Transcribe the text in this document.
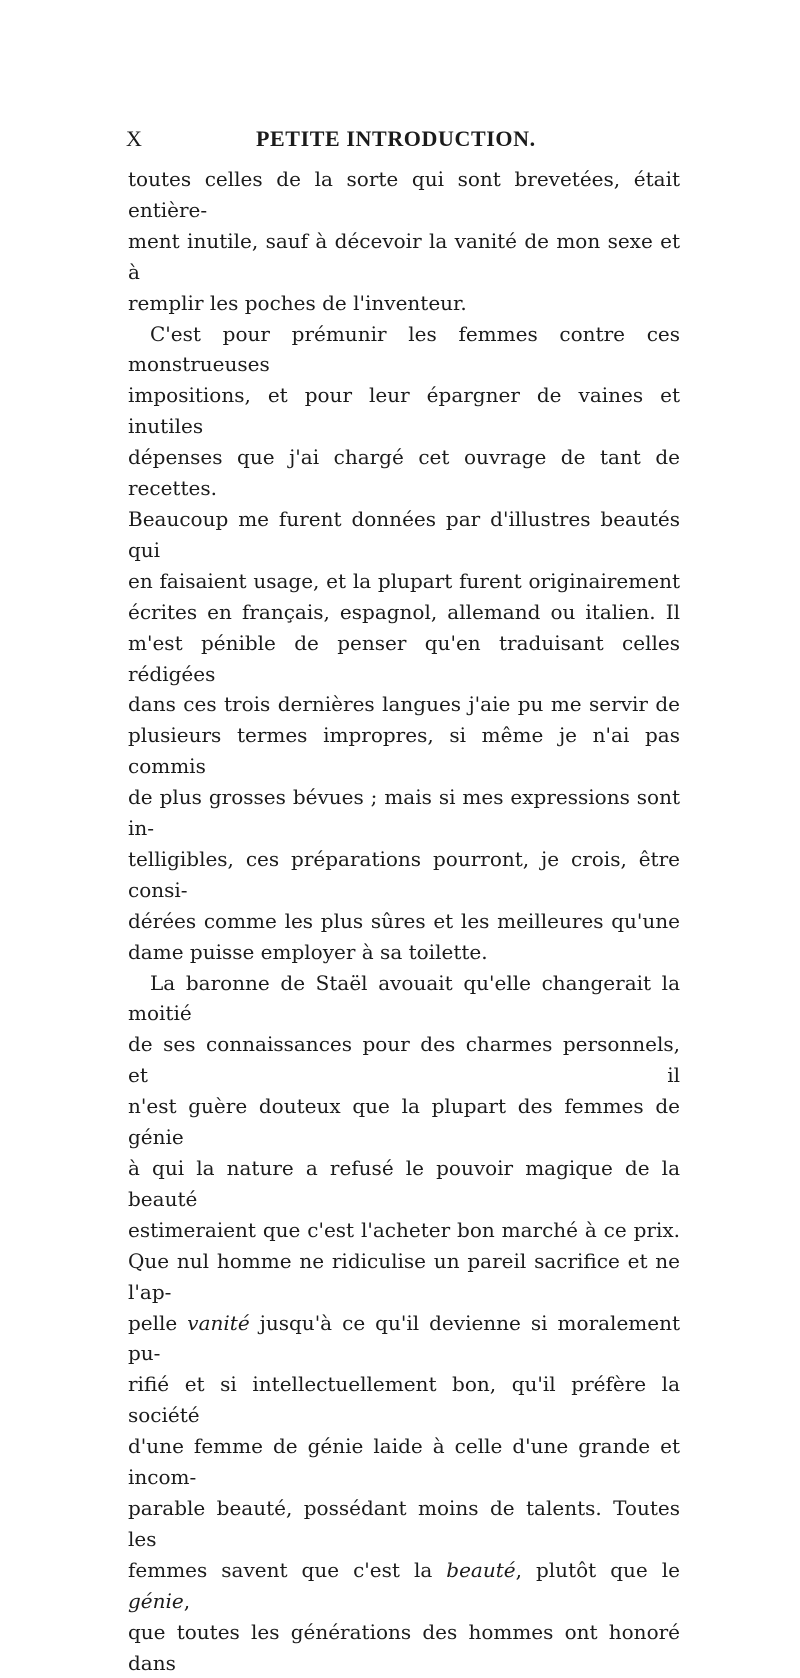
X	PETITE INTRODUCTION.

toutes celles de la sorte qui sont brevetées, était entière-
ment inutile, sauf à décevoir la vanité de mon sexe et à
remplir les poches de l'inventeur.

C'est pour prémunir les femmes contre ces monstrueuses
impositions, et pour leur épargner de vaines et inutiles
dépenses que j'ai chargé cet ouvrage de tant de recettes.
Beaucoup me furent données par d'illustres beautés qui
en faisaient usage, et la plupart furent originairement
écrites en français, espagnol, allemand ou italien. Il
m'est pénible de penser qu'en traduisant celles rédigées
dans ces trois dernières langues j'aie pu me servir de
plusieurs termes impropres, si même je n'ai pas commis
de plus grosses bévues ; mais si mes expressions sont in-
telligibles, ces préparations pourront, je crois, être consi-
dérées comme les plus sûres et les meilleures qu'une
dame puisse employer à sa toilette.

La baronne de Staël avouait qu'elle changerait la moitié
de ses connaissances pour des charmes personnels, et il
n'est guère douteux que la plupart des femmes de génie
à qui la nature a refusé le pouvoir magique de la beauté
estimeraient que c'est l'acheter bon marché à ce prix.
Que nul homme ne ridiculise un pareil sacrifice et ne l'ap-
pelle vanité jusqu'à ce qu'il devienne si moralement pu-
rifié et si intellectuellement bon, qu'il préfère la société
d'une femme de génie laide à celle d'une grande et incom-
parable beauté, possédant moins de talents. Toutes les
femmes savent que c'est la beauté, plutôt que le génie,
que toutes les générations des hommes ont honoré dans
